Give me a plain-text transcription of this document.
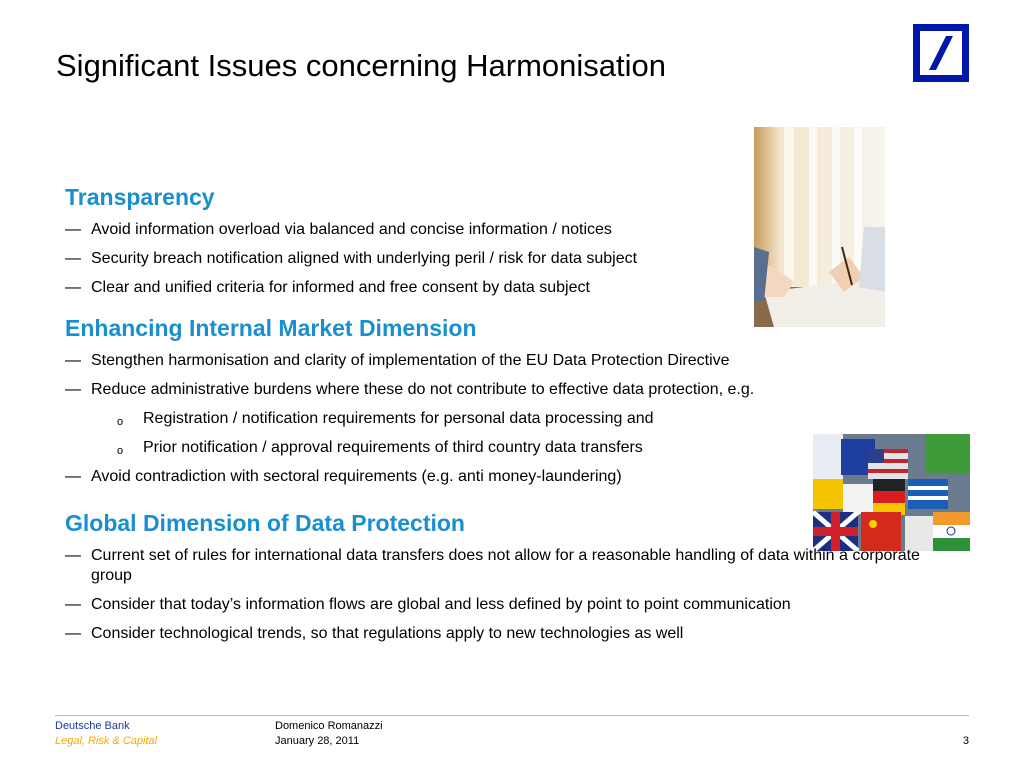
Significant Issues concerning Harmonisation
Transparency
— Avoid information overload via balanced and concise information / notices
— Security breach notification aligned with underlying peril / risk for data subject
— Clear and unified criteria for informed and free consent by data subject
Enhancing Internal Market Dimension
— Stengthen harmonisation and clarity of implementation of the EU Data Protection Directive
— Reduce administrative burdens where these do not contribute to effective data protection, e.g.
o Registration / notification requirements for personal data processing and
o Prior notification / approval requirements of third country data transfers
— Avoid contradiction with sectoral requirements (e.g. anti money-laundering)
Global Dimension of Data Protection
— Current set of rules for international data transfers does not allow for a reasonable handling of data within a corporate group
— Consider that today’s information flows are global and less defined by point to point communication
— Consider technological trends, so that regulations apply to new technologies as well
Deutsche Bank
Legal, Risk & Capital
Domenico Romanazzi
January 28, 2011	3
